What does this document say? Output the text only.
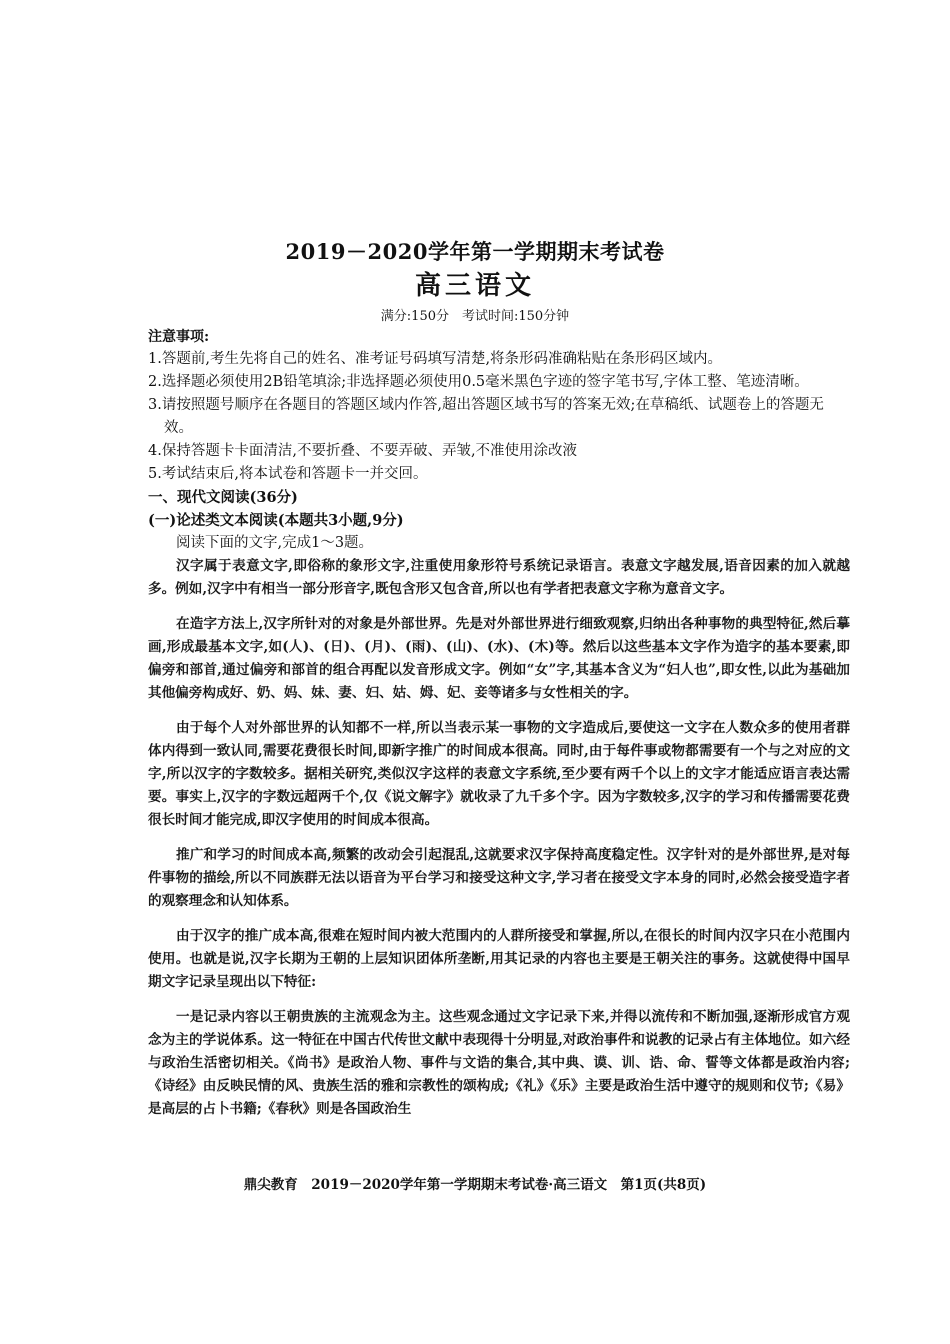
2019－2020学年第一学期期末考试卷
高三语文
满分:150分　考试时间:150分钟
注意事项:
1.答题前,考生先将自己的姓名、准考证号码填写清楚,将条形码准确粘贴在条形码区域内。
2.选择题必须使用2B铅笔填涂;非选择题必须使用0.5毫米黑色字迹的签字笔书写,字体工整、笔迹清晰。
3.请按照题号顺序在各题目的答题区域内作答,超出答题区域书写的答案无效;在草稿纸、试题卷上的答题无效。
4.保持答题卡卡面清洁,不要折叠、不要弄破、弄皱,不准使用涂改液
5.考试结束后,将本试卷和答题卡一并交回。
一、现代文阅读(36分)
(一)论述类文本阅读(本题共3小题,9分)
阅读下面的文字,完成1～3题。

汉字属于表意文字,即俗称的象形文字,注重使用象形符号系统记录语言。表意文字越发展,语音因素的加入就越多。例如,汉字中有相当一部分形音字,既包含形又包含音,所以也有学者把表意文字称为意音文字。

在造字方法上,汉字所针对的对象是外部世界。先是对外部世界进行细致观察,归纳出各种事物的典型特征,然后摹画,形成最基本文字,如(人)、(日)、(月)、(雨)、(山)、(水)、(木)等。然后以这些基本文字作为造字的基本要素,即偏旁和部首,通过偏旁和部首的组合再配以发音形成文字。例如“女”字,其基本含义为“妇人也”,即女性,以此为基础加其他偏旁构成好、奶、妈、妹、妻、妇、姑、姆、妃、妾等诸多与女性相关的字。

由于每个人对外部世界的认知都不一样,所以当表示某一事物的文字造成后,要使这一文字在人数众多的使用者群体内得到一致认同,需要花费很长时间,即新字推广的时间成本很高。同时,由于每件事或物都需要有一个与之对应的文字,所以汉字的字数较多。据相关研究,类似汉字这样的表意文字系统,至少要有两千个以上的文字才能适应语言表达需要。事实上,汉字的字数远超两千个,仅《说文解字》就收录了九千多个字。因为字数较多,汉字的学习和传播需要花费很长时间才能完成,即汉字使用的时间成本很高。

推广和学习的时间成本高,频繁的改动会引起混乱,这就要求汉字保持高度稳定性。汉字针对的是外部世界,是对每件事物的描绘,所以不同族群无法以语音为平台学习和接受这种文字,学习者在接受文字本身的同时,必然会接受造字者的观察理念和认知体系。

由于汉字的推广成本高,很难在短时间内被大范围内的人群所接受和掌握,所以,在很长的时间内汉字只在小范围内使用。也就是说,汉字长期为王朝的上层知识团体所垄断,用其记录的内容也主要是王朝关注的事务。这就使得中国早期文字记录呈现出以下特征:

一是记录内容以王朝贵族的主流观念为主。这些观念通过文字记录下来,并得以流传和不断加强,逐渐形成官方观念为主的学说体系。这一特征在中国古代传世文献中表现得十分明显,对政治事件和说教的记录占有主体地位。如六经与政治生活密切相关。《尚书》是政治人物、事件与文诰的集合,其中典、谟、训、诰、命、誓等文体都是政治内容;《诗经》由反映民情的风、贵族生活的雅和宗教性的颂构成;《礼》《乐》主要是政治生活中遵守的规则和仪节;《易》是高层的占卜书籍;《春秋》则是各国政治生

鼎尖教育　2019－2020学年第一学期期末考试卷·高三语文　第1页(共8页)
